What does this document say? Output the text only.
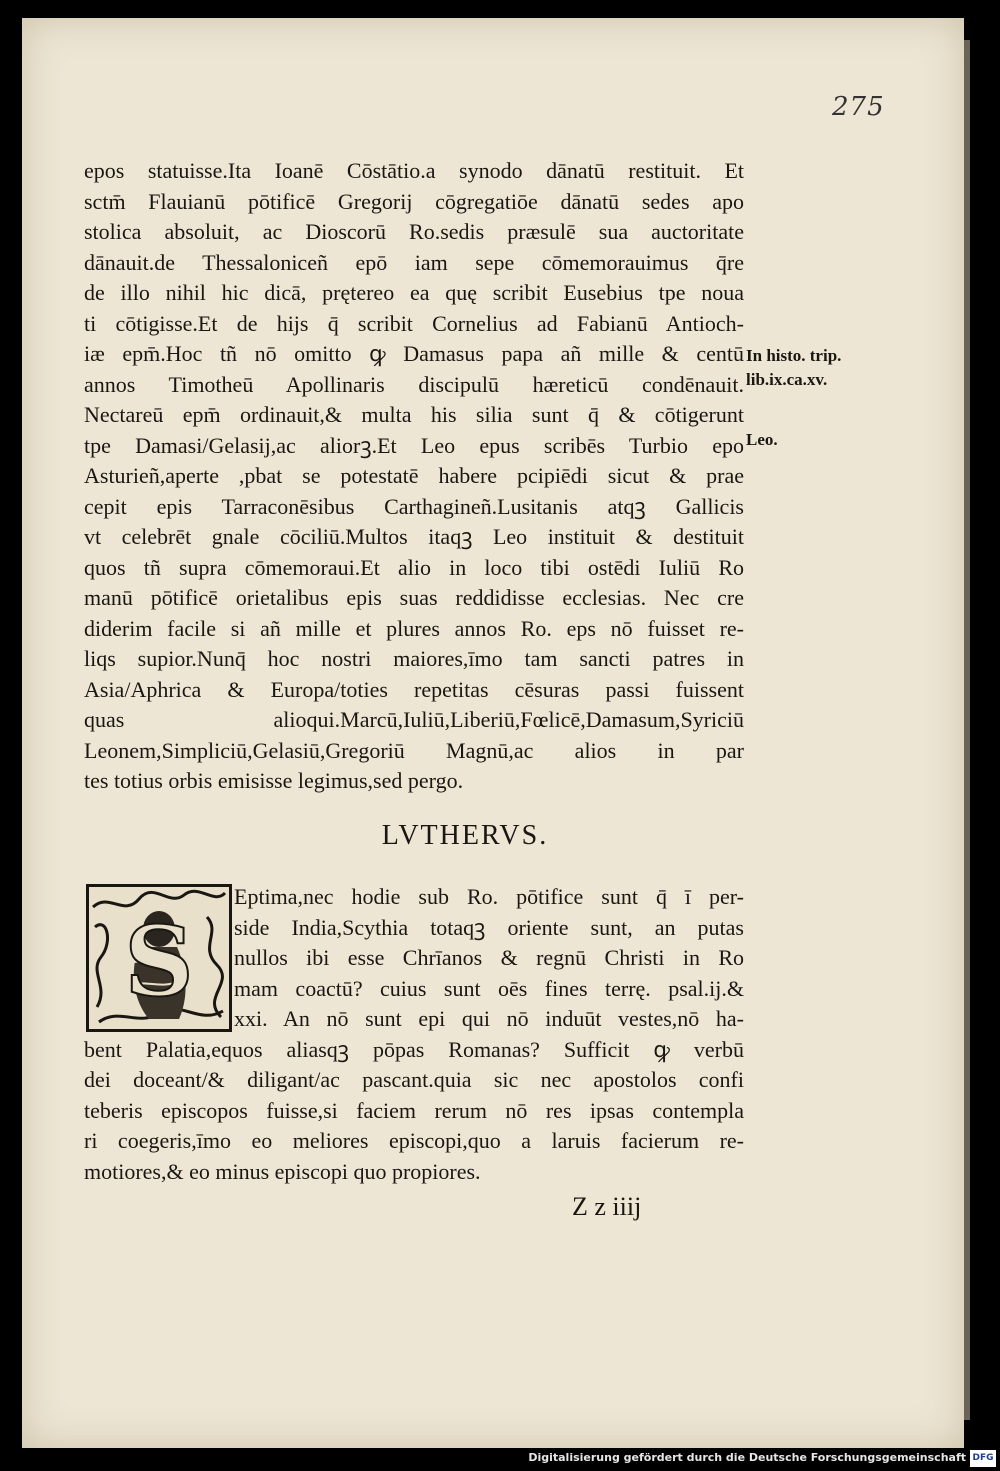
275
epos statuisse.Ita Ioanē Cōstātio.a synodo dānatū restituit. Et
sctm̄ Flauianū pōtificē Gregorij cōgregatiōe dānatū sedes apo
stolica absoluit, ac Dioscorū Ro.sedis præsulē sua auctoritate
dānauit.de Thessaloniceñ epō iam sepe cōmemorauimus q̄re
de illo nihil hic dicā, prętereo ea quę scribit Eusebius tpe noua
ti cōtigisse.Et de hijs q̄ scribit Cornelius ad Fabianū Antioch-
iæ epm̄.Hoc tñ nō omitto ꝙ Damasus papa añ mille & centū
annos Timotheū Apollinaris discipulū hæreticū condēnauit.
Nectareū epm̄ ordinauit,& multa his silia sunt q̄ & cōtigerunt
tpe Damasi/Gelasij,ac aliorꝫ.Et Leo epus scribēs Turbio epo
Asturieñ,aperte ,pbat se potestatē habere pcipiēdi sicut & prae
cepit epis Tarraconēsibus Carthagineñ.Lusitanis atqꝫ Gallicis
vt celebrēt gnale cōciliū.Multos itaqꝫ Leo instituit & destituit
quos tñ supra cōmemoraui.Et alio in loco tibi ostēdi Iuliū Ro
manū pōtificē orietalibus epis suas reddidisse ecclesias. Nec cre
diderim facile si añ mille et plures annos Ro. eps nō fuisset re-
liqs supior.Nunq̄ hoc nostri maiores,īmo tam sancti patres in
Asia/Aphrica & Europa/toties repetitas cēsuras passi fuissent
quas alioqui.Marcū,Iuliū,Liberiū,Fœlicē,Damasum,Syriciū
Leonem,Simpliciū,Gelasiū,Gregoriū Magnū,ac alios in par
tes totius orbis emisisse legimus,sed pergo.
In histo. trip.
lib.ix.ca.xv.
Leo.
LVTHERVS.
S
Eptima,nec hodie sub Ro. pōtifice sunt q̄ ī per-
side India,Scythia totaqꝫ oriente sunt, an putas
nullos ibi esse Chrīanos & regnū Christi in Ro
mam coactū? cuius sunt oēs fines terrę. psal.ij.&
xxi. An nō sunt epi qui nō induūt vestes,nō ha-
bent Palatia,equos aliasqꝫ pōpas Romanas? Sufficit ꝙ verbū
dei doceant/& diligant/ac pascant.quia sic nec apostolos confi
teberis episcopos fuisse,si faciem rerum nō res ipsas contempla
ri coegeris,īmo eo meliores episcopi,quo a laruis facierum re-
motiores,& eo minus episcopi quo propiores.
Z z iiij
Digitalisierung gefördert durch die Deutsche Forschungsgemeinschaft DFG
